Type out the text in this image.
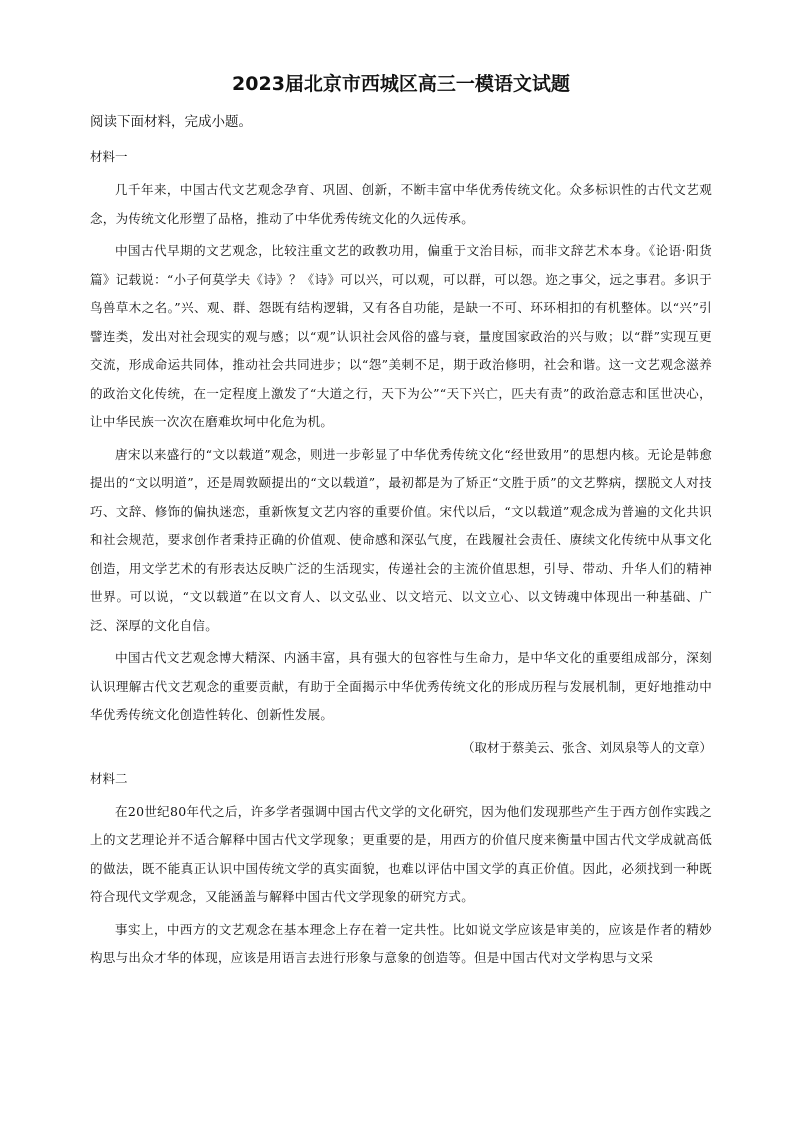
2023届北京市西城区高三一模语文试题

阅读下面材料，完成小题。

材料一

几千年来，中国古代文艺观念孕育、巩固、创新，不断丰富中华优秀传统文化。众多标识性的古代文艺观念，为传统文化形塑了品格，推动了中华优秀传统文化的久远传承。

中国古代早期的文艺观念，比较注重文艺的政教功用，偏重于文治目标，而非文辞艺术本身。《论语·阳货篇》记载说：“小子何莫学夫《诗》？《诗》可以兴，可以观，可以群，可以怨。迩之事父，远之事君。多识于鸟兽草木之名。”兴、观、群、怨既有结构逻辑，又有各自功能，是缺一不可、环环相扣的有机整体。以“兴”引譬连类，发出对社会现实的观与感；以“观”认识社会风俗的盛与衰，量度国家政治的兴与败；以“群”实现互更交流，形成命运共同体，推动社会共同进步；以“怨”美刺不足，期于政治修明，社会和谐。这一文艺观念滋养的政治文化传统，在一定程度上激发了“大道之行，天下为公”“天下兴亡，匹夫有责”的政治意志和匡世决心，让中华民族一次次在磨难坎坷中化危为机。

唐宋以来盛行的“文以载道”观念，则进一步彰显了中华优秀传统文化“经世致用”的思想内核。无论是韩愈提出的“文以明道”，还是周敦颐提出的“文以载道”，最初都是为了矫正“文胜于质”的文艺弊病，摆脱文人对技巧、文辞、修饰的偏执迷恋，重新恢复文艺内容的重要价值。宋代以后，“文以载道”观念成为普遍的文化共识和社会规范，要求创作者秉持正确的价值观、使命感和深弘气度，在践履社会责任、赓续文化传统中从事文化创造，用文学艺术的有形表达反映广泛的生活现实，传递社会的主流价值思想，引导、带动、升华人们的精神世界。可以说，“文以载道”在以文育人、以文弘业、以文培元、以文立心、以文铸魂中体现出一种基础、广泛、深厚的文化自信。

中国古代文艺观念博大精深、内涵丰富，具有强大的包容性与生命力，是中华文化的重要组成部分，深刻认识理解古代文艺观念的重要贡献，有助于全面揭示中华优秀传统文化的形成历程与发展机制，更好地推动中华优秀传统文化创造性转化、创新性发展。

（取材于蔡美云、张含、刘凤泉等人的文章）

材料二

在20世纪80年代之后，许多学者强调中国古代文学的文化研究，因为他们发现那些产生于西方创作实践之上的文艺理论并不适合解释中国古代文学现象；更重要的是，用西方的价值尺度来衡量中国古代文学成就高低的做法，既不能真正认识中国传统文学的真实面貌，也难以评估中国文学的真正价值。因此，必须找到一种既符合现代文学观念，又能涵盖与解释中国古代文学现象的研究方式。

事实上，中西方的文艺观念在基本理念上存在着一定共性。比如说文学应该是审美的，应该是作者的精妙构思与出众才华的体现，应该是用语言去进行形象与意象的创造等。但是中国古代对文学构思与文采
